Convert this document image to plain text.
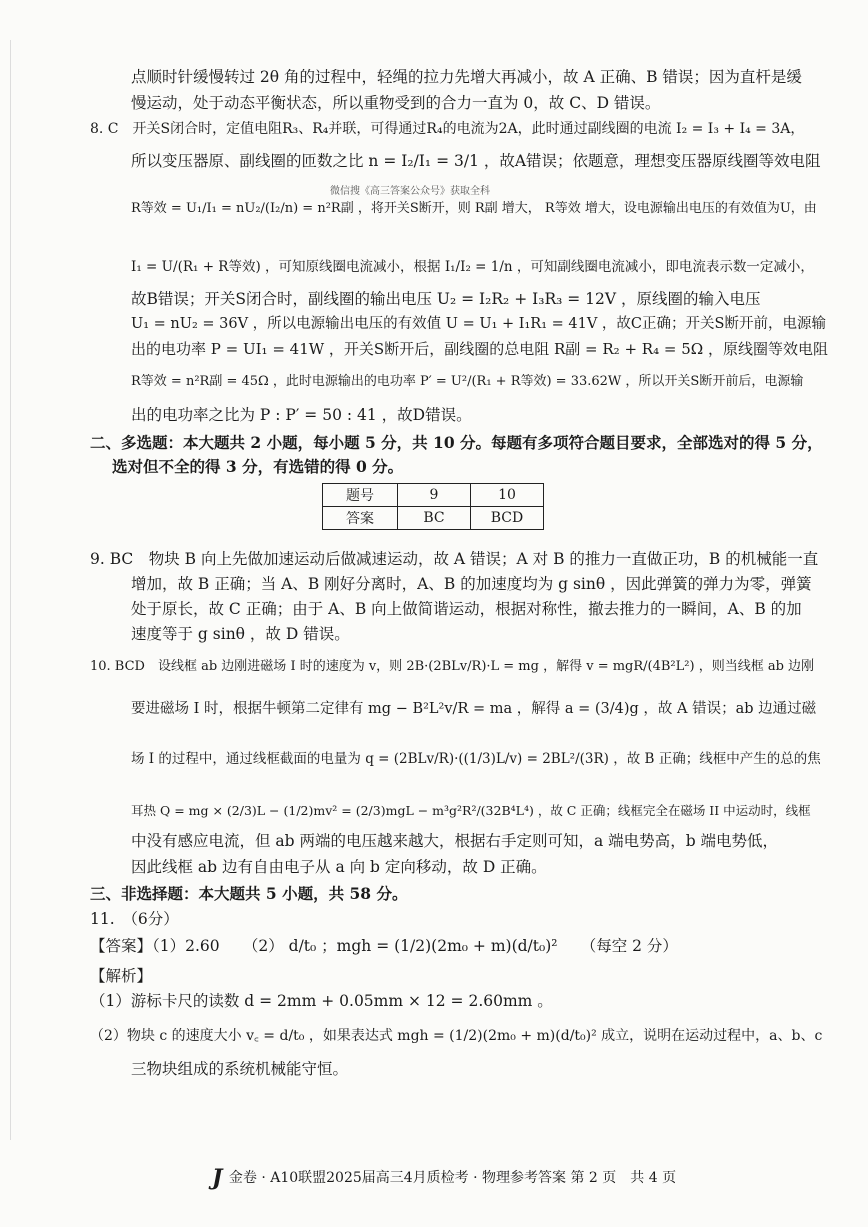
点顺时针缓慢转过 2θ 角的过程中，轻绳的拉力先增大再减小，故 A 正确、B 错误；因为直杆是缓
慢运动，处于动态平衡状态，所以重物受到的合力一直为 0，故 C、D 错误。
8. C　开关S闭合时，定值电阻R₃、R₄并联，可得通过R₄的电流为2A，此时通过副线圈的电流 I₂ = I₃ + I₄ = 3A，
所以变压器原、副线圈的匝数之比 n = I₂/I₁ = 3/1 ，故A错误；依题意，理想变压器原线圈等效电阻
R等效 = U₁/I₁ = nU₂/(I₂/n) = n²R副 ，将开关S断开，则 R副 增大， R等效 增大，设电源输出电压的有效值为U，由
I₁ = U/(R₁ + R等效) ，可知原线圈电流减小，根据 I₁/I₂ = 1/n ，可知副线圈电流减小，即电流表示数一定减小，
故B错误；开关S闭合时，副线圈的输出电压 U₂ = I₂R₂ + I₃R₃ = 12V ，原线圈的输入电压
U₁ = nU₂ = 36V ，所以电源输出电压的有效值 U = U₁ + I₁R₁ = 41V ，故C正确；开关S断开前，电源输
出的电功率 P = UI₁ = 41W ，开关S断开后，副线圈的总电阻 R副 = R₂ + R₄ = 5Ω ，原线圈等效电阻
R等效 = n²R副 = 45Ω ，此时电源输出的电功率 P′ = U²/(R₁ + R等效) = 33.62W ，所以开关S断开前后，电源输
出的电功率之比为 P : P′ = 50 : 41 ，故D错误。
二、多选题：本大题共 2 小题，每小题 5 分，共 10 分。每题有多项符合题目要求，全部选对的得 5 分，
选对但不全的得 3 分，有选错的得 0 分。
9. BC　物块 B 向上先做加速运动后做减速运动，故 A 错误；A 对 B 的推力一直做正功，B 的机械能一直
增加，故 B 正确；当 A、B 刚好分离时，A、B 的加速度均为 g sinθ ，因此弹簧的弹力为零，弹簧
处于原长，故 C 正确；由于 A、B 向上做简谐运动，根据对称性，撤去推力的一瞬间，A、B 的加
速度等于 g sinθ ，故 D 错误。
10. BCD　设线框 ab 边刚进磁场 I 时的速度为 v，则 2B·(2BLv/R)·L = mg ，解得 v = mgR/(4B²L²) ，则当线框 ab 边刚
要进磁场 I 时，根据牛顿第二定律有 mg − B²L²v/R = ma ，解得 a = (3/4)g ，故 A 错误；ab 边通过磁
场 I 的过程中，通过线框截面的电量为 q = (2BLv/R)·((1/3)L/v) = 2BL²/(3R) ，故 B 正确；线框中产生的总的焦
耳热 Q = mg × (2/3)L − (1/2)mv² = (2/3)mgL − m³g²R²/(32B⁴L⁴) ，故 C 正确；线框完全在磁场 II 中运动时，线框
中没有感应电流，但 ab 两端的电压越来越大，根据右手定则可知，a 端电势高，b 端电势低，
因此线框 ab 边有自由电子从 a 向 b 定向移动，故 D 正确。
三、非选择题：本大题共 5 小题，共 58 分。
11.　（6分）
【答案】（1）2.60　　（2） d/t₀ ；mgh = (1/2)(2m₀ + m)(d/t₀)²　　（每空 2 分）
【解析】
（1）游标卡尺的读数 d = 2mm + 0.05mm × 12 = 2.60mm 。
（2）物块 c 的速度大小 v꜀ = d/t₀ ，如果表达式 mgh = (1/2)(2m₀ + m)(d/t₀)² 成立，说明在运动过程中，a、b、c
三物块组成的系统机械能守恒。
微信搜《高三答案公众号》获取全科
题号	9	10
答案	BC	BCD
J 金卷 · A10联盟2025届高三4月质检考 · 物理参考答案 第 2 页　共 4 页
